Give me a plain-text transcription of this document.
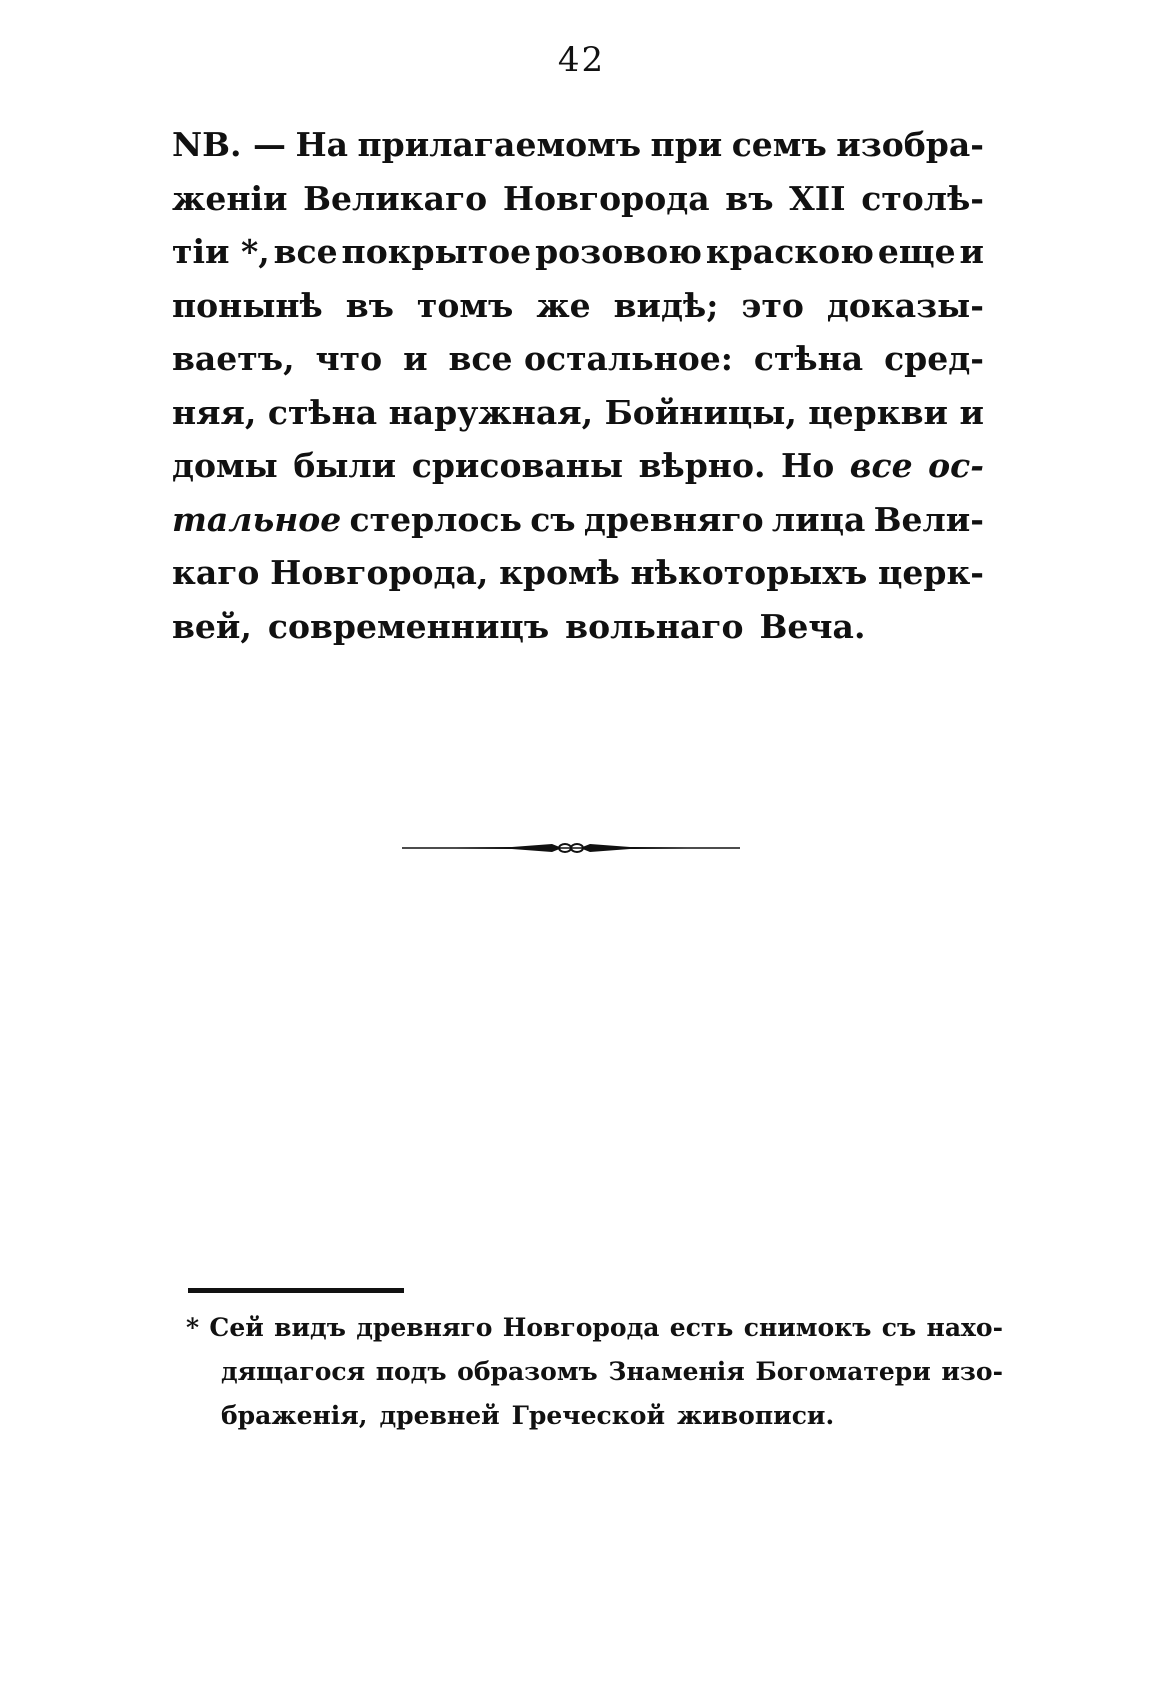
42
NB. — На прилагаемомъ при семъ изобра-
женіи Великаго Новгорода въ XII столѣ-
тіи *, все покрытое розовою краскою еще и
понынѣ въ томъ же видѣ; это доказы-
ваетъ, что и все остальное: стѣна сред-
няя, стѣна наружная, Бойницы, церкви и
домы были срисованы вѣрно. Но все ос-
тальное стерлось съ древняго лица Вели-
каго Новгорода, кромѣ нѣкоторыхъ церк-
вей, современницъ вольнаго Веча.
* Сей видъ древняго Новгорода есть снимокъ съ нахо-
дящагося подъ образомъ Знаменія Богоматери изо-
браженія, древней Греческой живописи.
